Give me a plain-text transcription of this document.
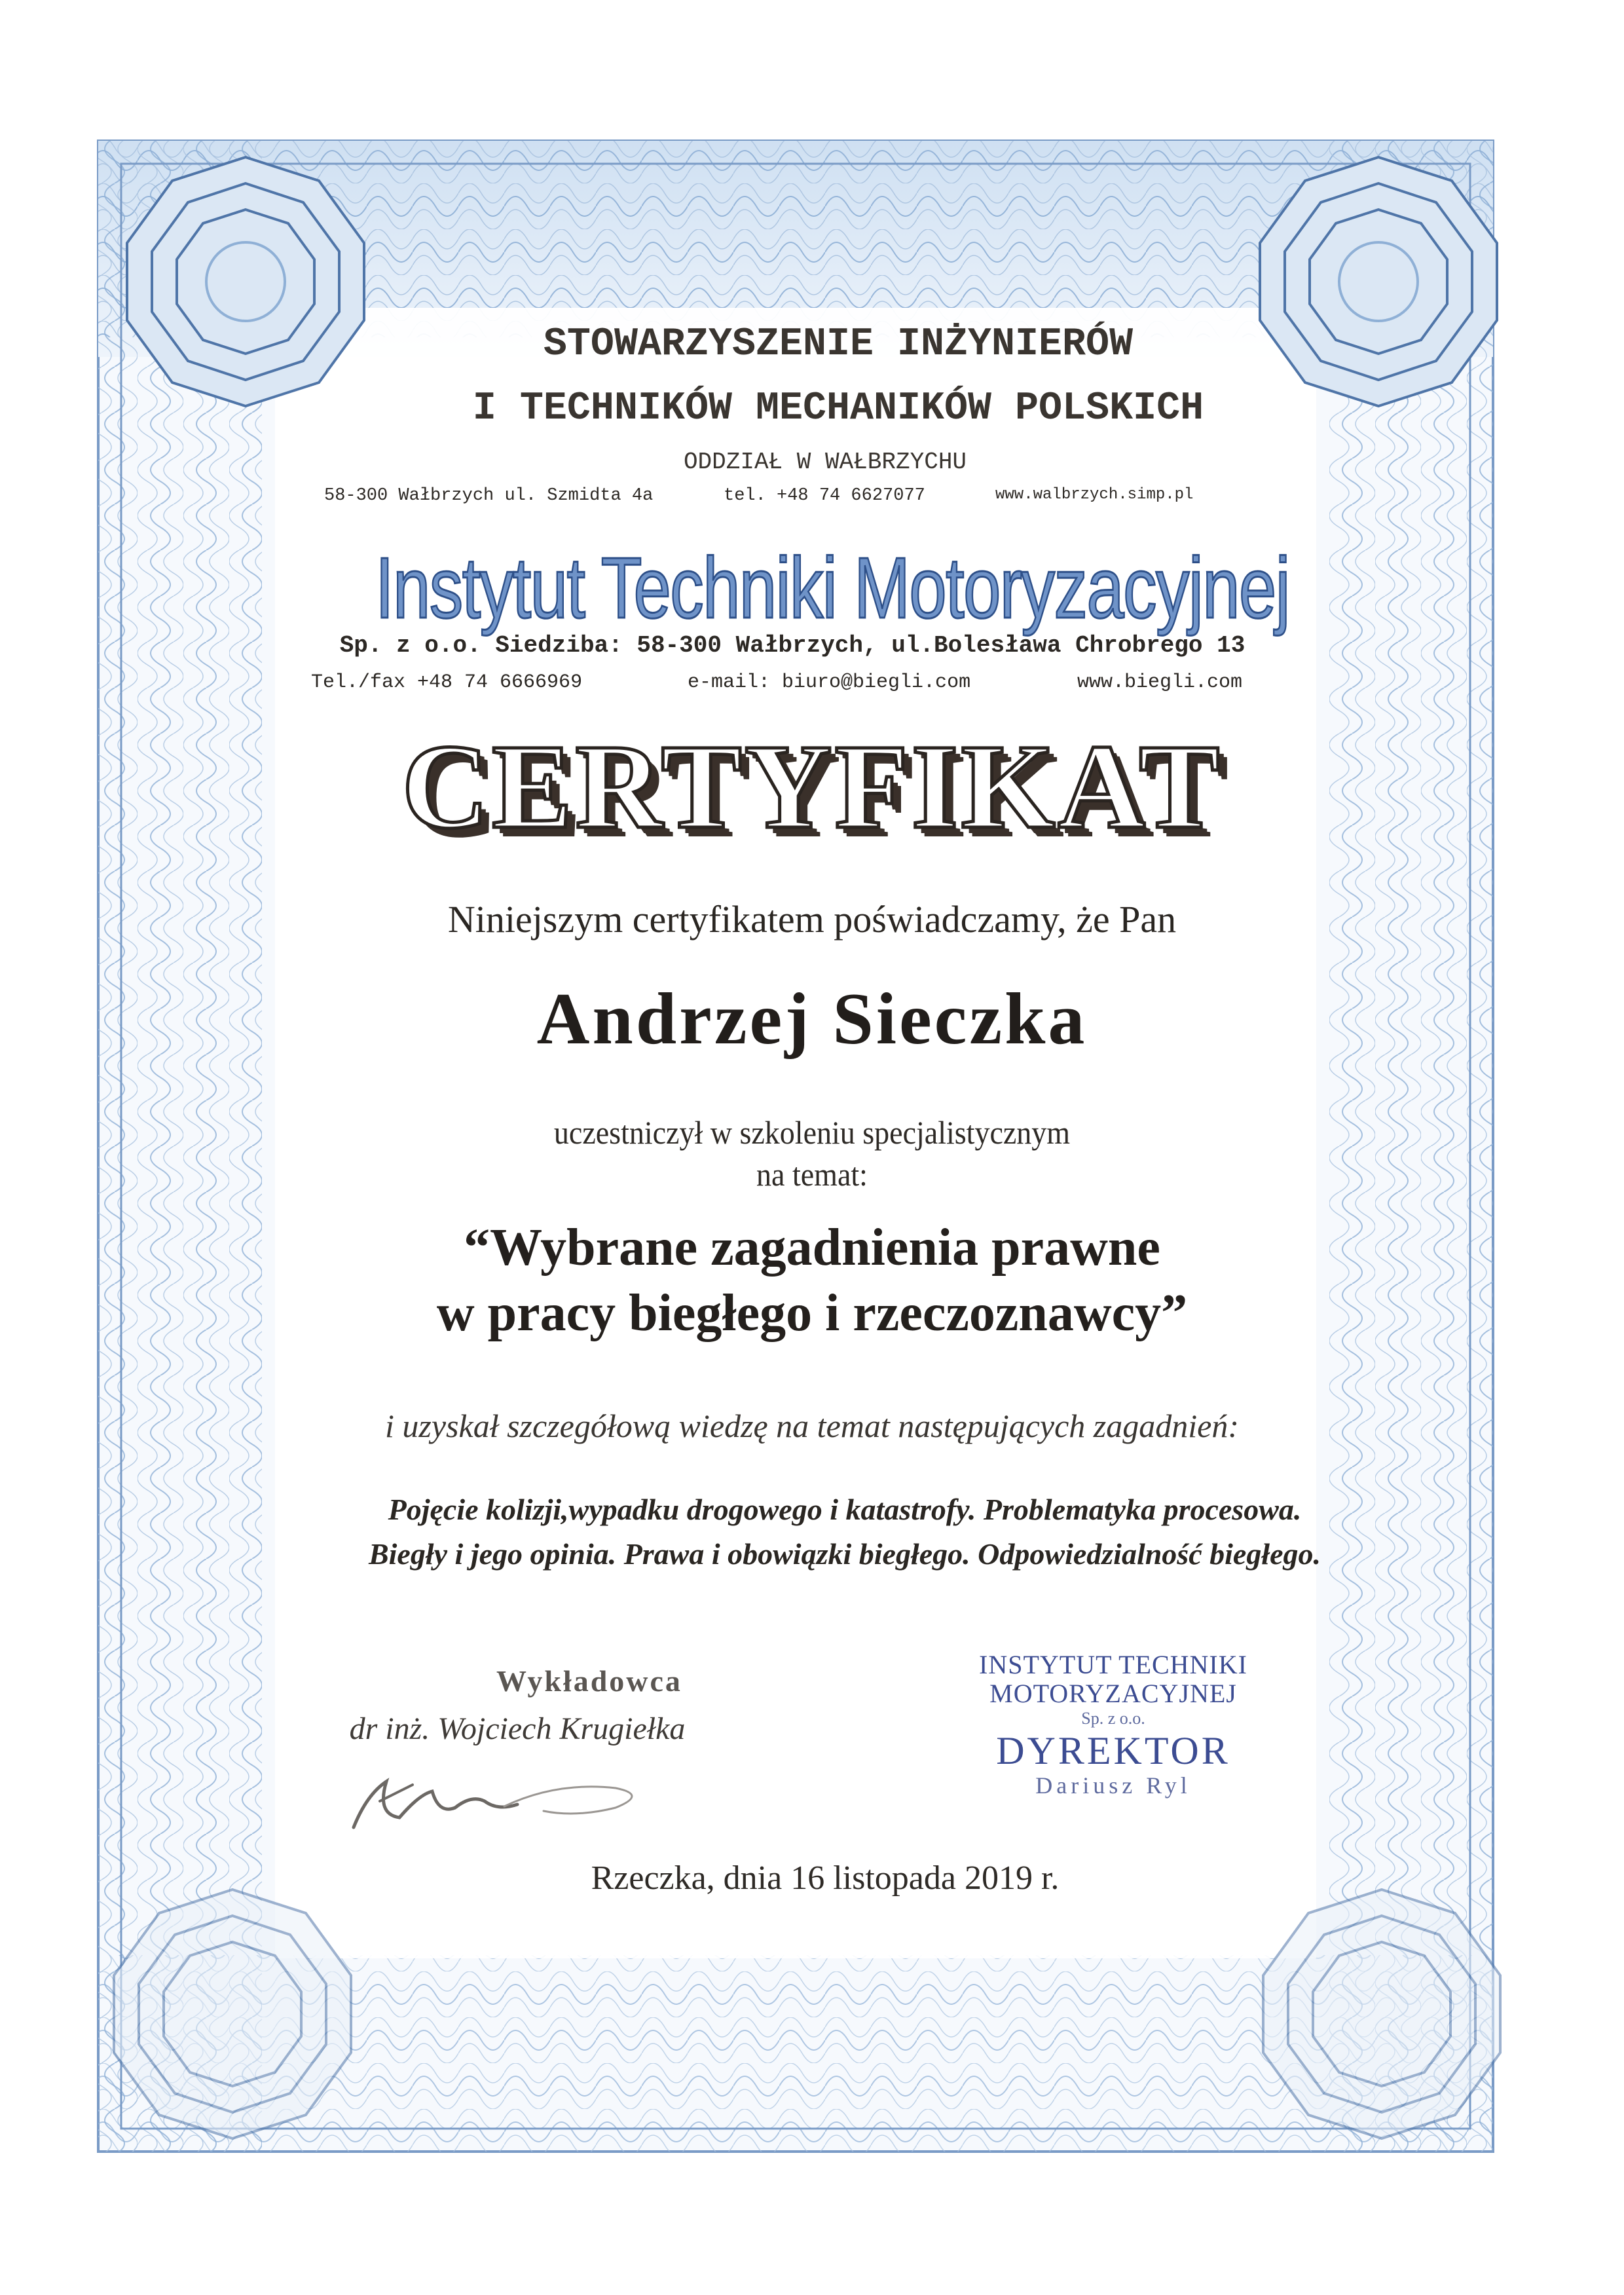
STOWARZYSZENIE INŻYNIERÓW

I TECHNIKÓW MECHANIKÓW POLSKICH

ODDZIAŁ W WAŁBRZYCHU

58-300 Wałbrzych ul. Szmidta 4a	tel. +48 74 6627077	www.walbrzych.simp.pl

Instytut Techniki Motoryzacyjnej

Sp. z o.o. Siedziba: 58-300 Wałbrzych, ul.Bolesława Chrobrego 13
Tel./fax +48 74 6666969	e-mail: biuro@biegli.com	www.biegli.com

CERTYFIKAT

Niniejszym certyfikatem poświadczamy, że Pan

Andrzej Sieczka

uczestniczył w szkoleniu specjalistycznym

na temat:

“Wybrane zagadnienia prawne

w pracy biegłego i rzeczoznawcy”

i uzyskał szczegółową wiedzę na temat następujących zagadnień:

Pojęcie kolizji,wypadku drogowego i katastrofy. Problematyka procesowa.

Biegły i jego opinia. Prawa i obowiązki biegłego. Odpowiedzialność biegłego.

Wykładowca
dr inż. Wojciech Krugiełka
INSTYTUT TECHNIKI
MOTORYZACYJNEJ
Sp. z o.o.
DYREKTOR
Dariusz Ryl

Rzeczka, dnia 16 listopada 2019 r.
